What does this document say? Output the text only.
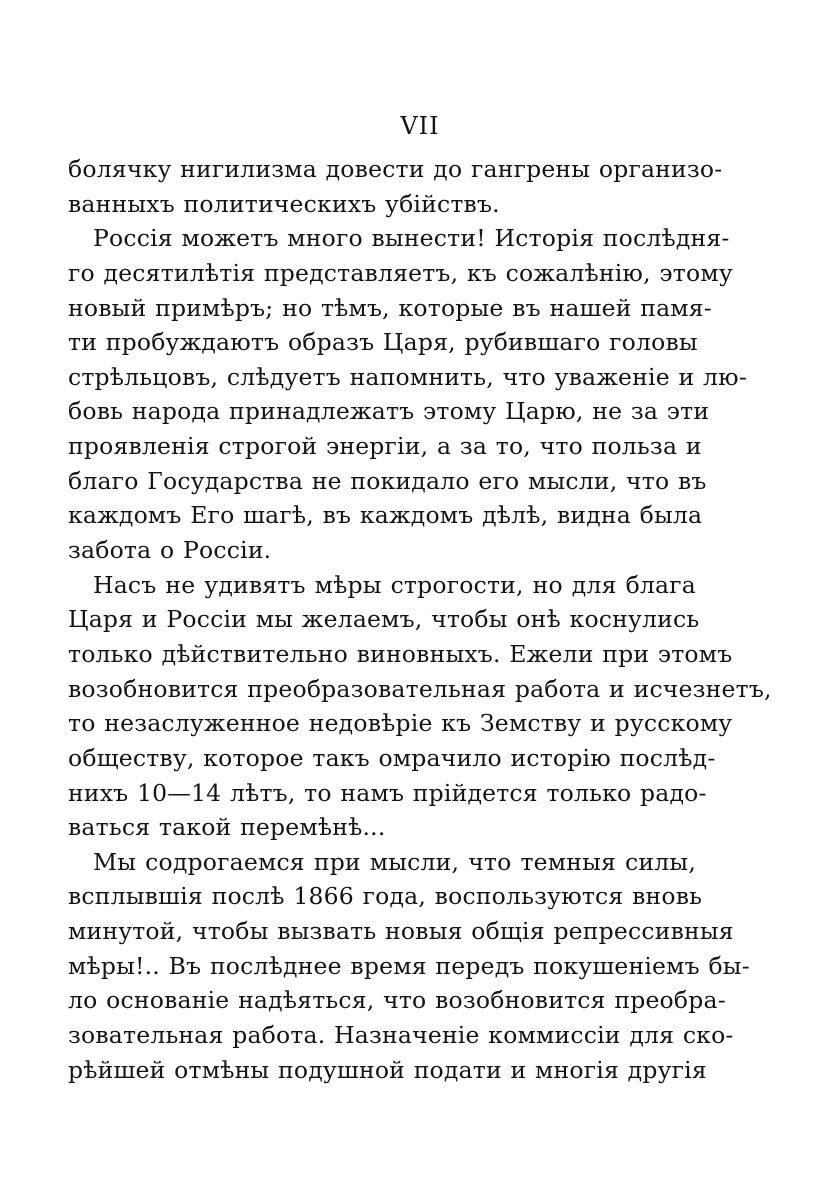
VII
болячку нигилизма довести до гангрены организо-
ванныхъ политическихъ убійствъ.
Россія можетъ много вынести! Исторія послѣдня-
го десятилѣтія представляетъ, къ сожалѣнію, этому
новый примѣръ; но тѣмъ, которые въ нашей памя-
ти пробуждаютъ образъ Царя, рубившаго головы
стрѣльцовъ, слѣдуетъ напомнить, что уваженіе и лю-
бовь народа принадлежатъ этому Царю, не за эти
проявленія строгой энергіи, а за то, что польза и
благо Государства не покидало его мысли, что въ
каждомъ Его шагѣ, въ каждомъ дѣлѣ, видна была
забота о Россіи.
Насъ не удивятъ мѣры строгости, но для блага
Царя и Россіи мы желаемъ, чтобы онѣ коснулись
только дѣйствительно виновныхъ. Ежели при этомъ
возобновится преобразовательная работа и исчезнетъ,
то незаслуженное недовѣріе къ Земству и русскому
обществу, которое такъ омрачило исторію послѣд-
нихъ 10—14 лѣтъ, то намъ прійдется только радо-
ваться такой перемѣнѣ...
Мы содрогаемся при мысли, что темныя силы,
всплывшія послѣ 1866 года, воспользуются вновь
минутой, чтобы вызвать новыя общія репрессивныя
мѣры!.. Въ послѣднее время передъ покушеніемъ бы-
ло основаніе надѣяться, что возобновится преобра-
зовательная работа. Назначеніе коммиссіи для ско-
рѣйшей отмѣны подушной подати и многія другія
